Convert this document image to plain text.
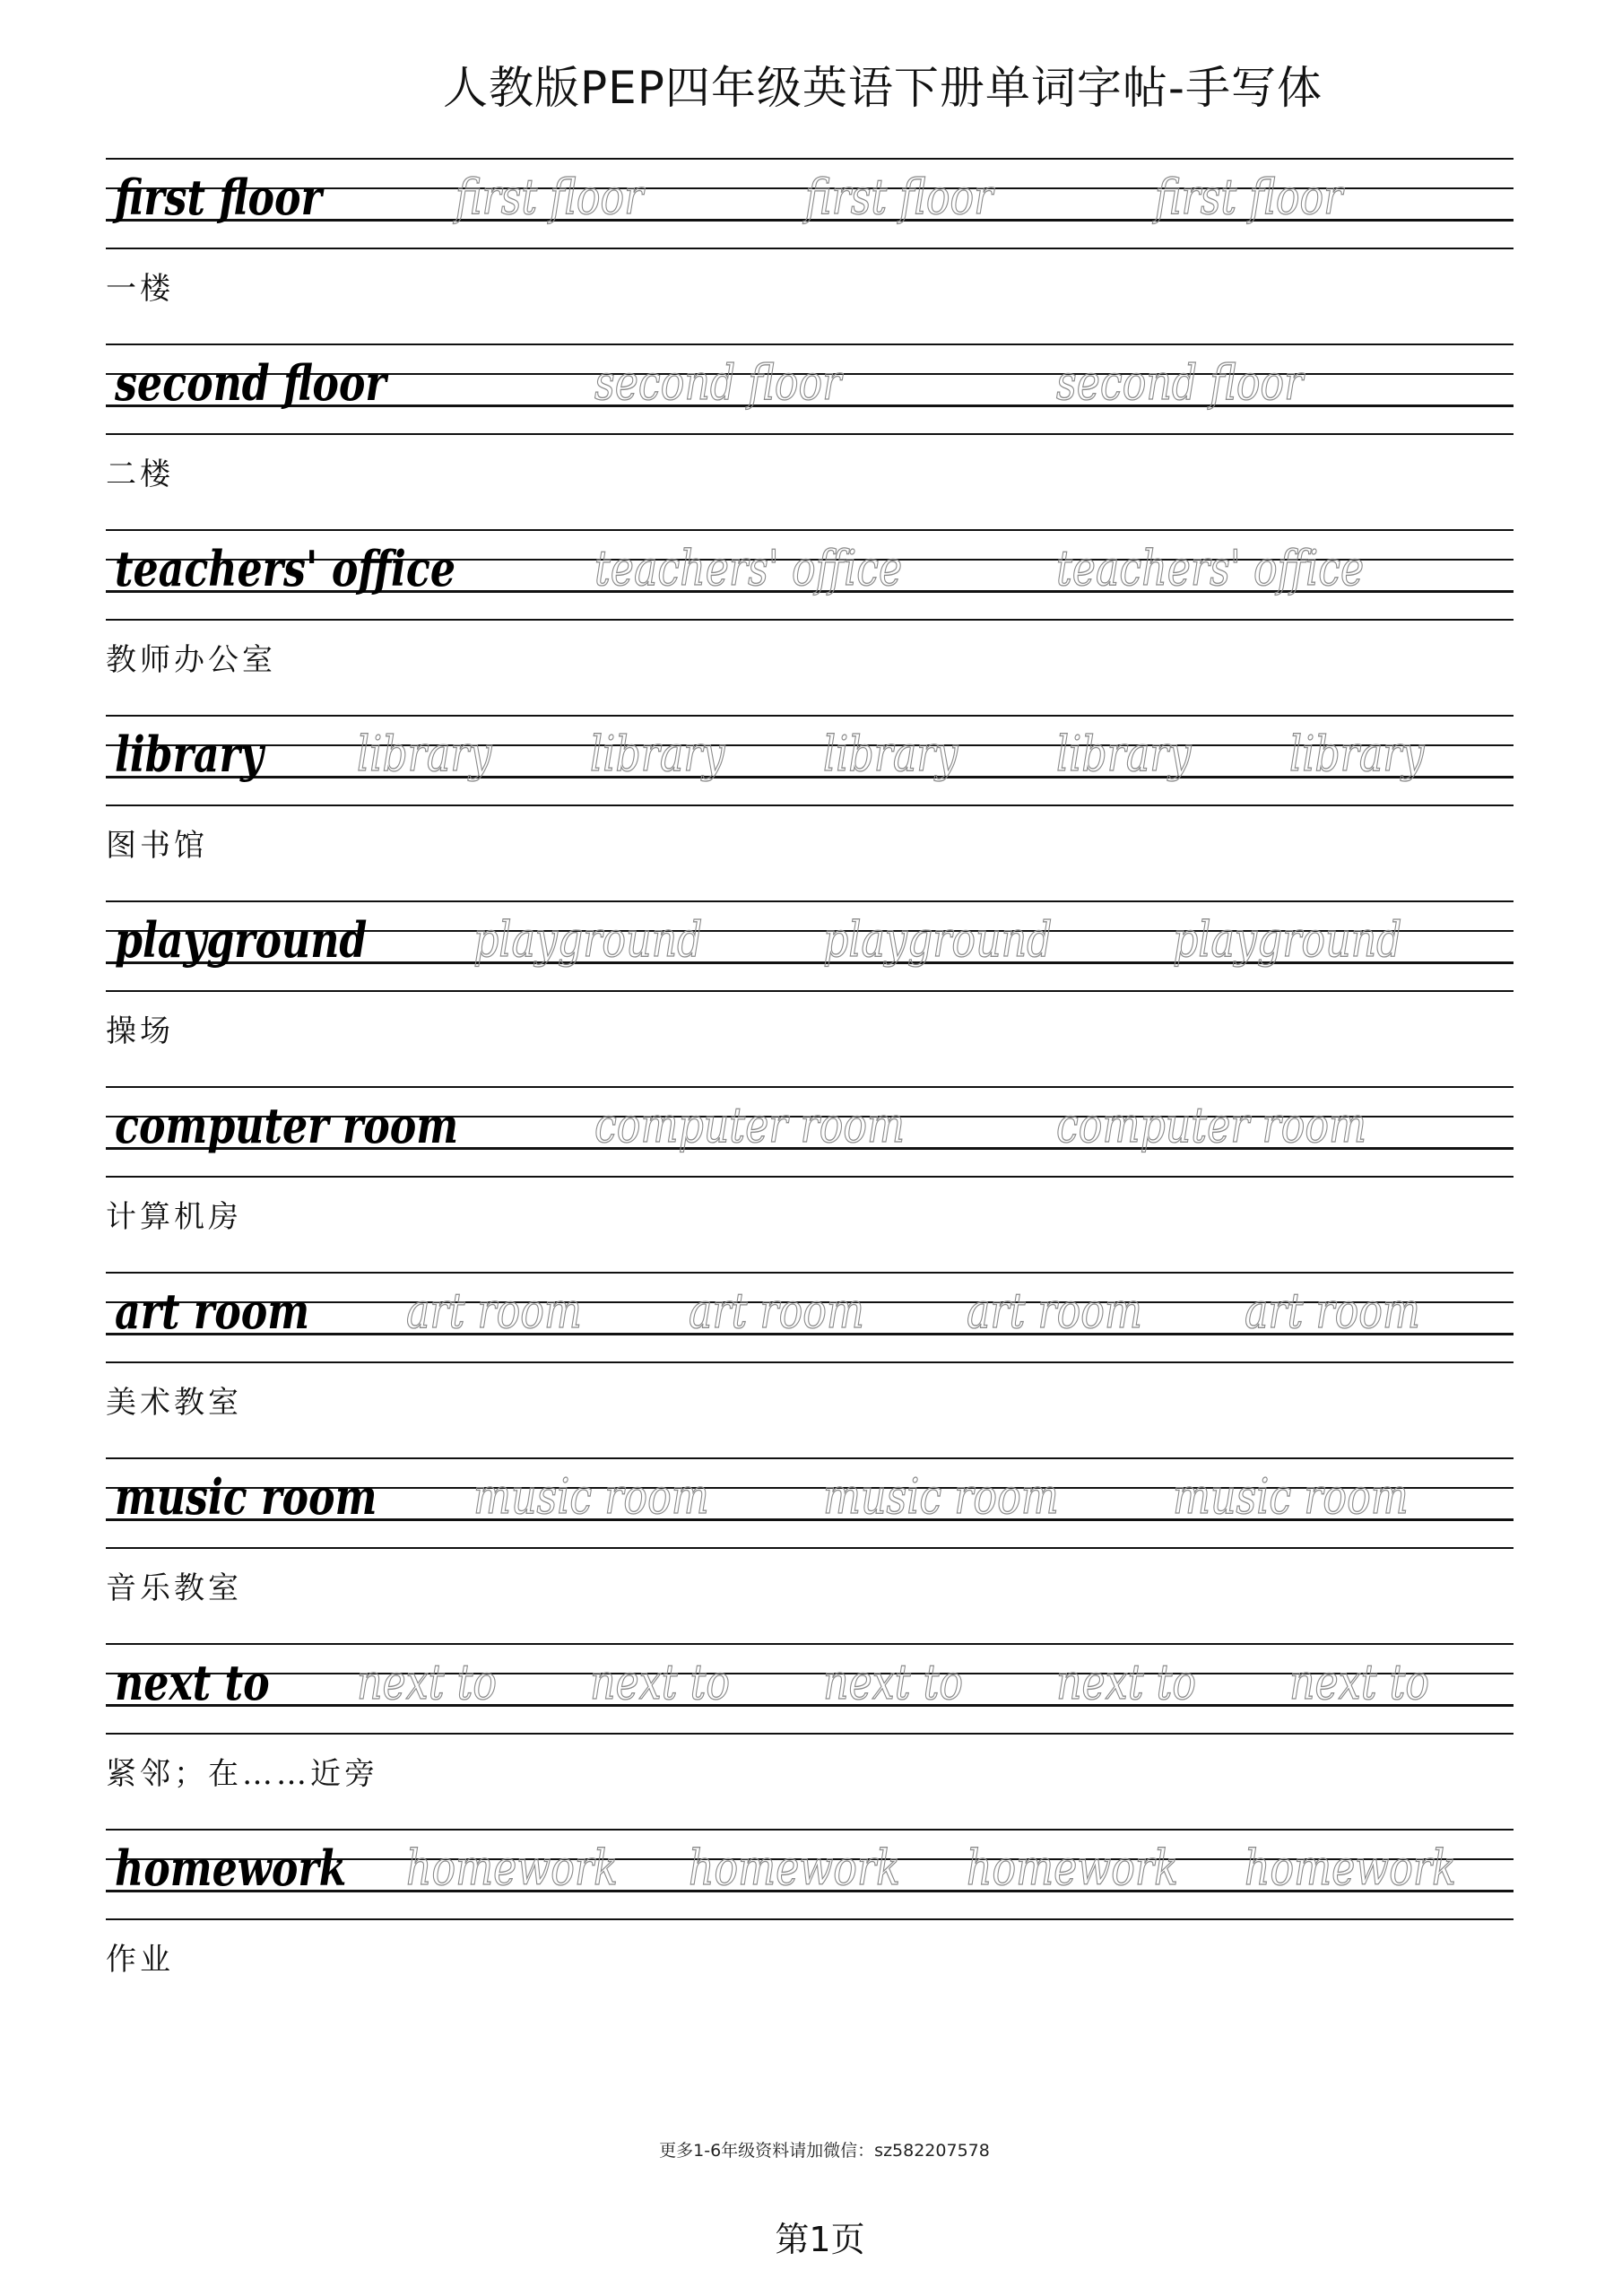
人教版PEP四年级英语下册单词字帖-手写体
first floor	first floor	first floor	first floor
一楼
second floor	second floor	second floor
二楼
teachers' office	teachers' office	teachers' office
教师办公室
library library library library library library
图书馆
playground playground playground playground
操场
computer room	computer room	computer room
计算机房
art room art room art room art room art room
美术教室
music room music room music room music room
音乐教室
next to next to next to next to next to next to
紧邻；在……近旁
homework homework homework homework homework
作业
更多1-6年级资料请加微信：sz582207578
第1页
